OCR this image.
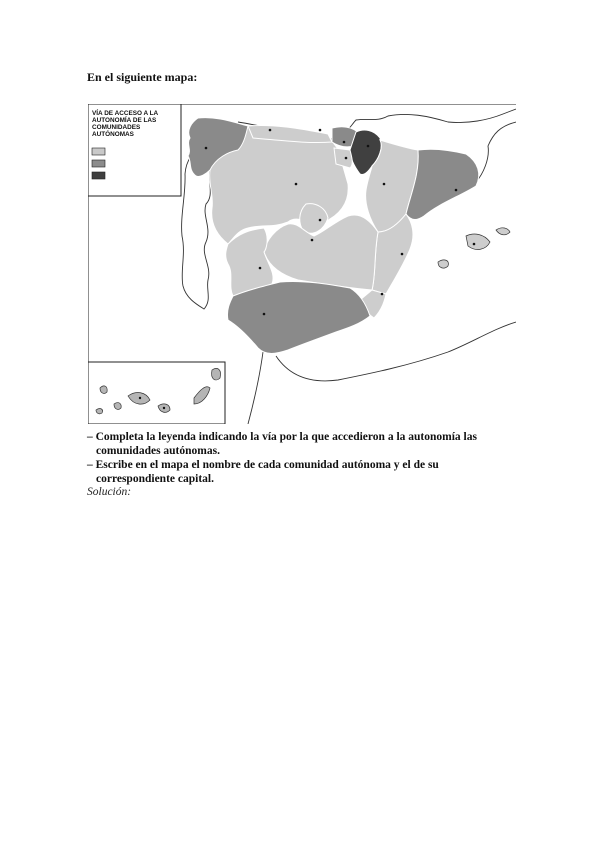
En el siguiente mapa:
VÍA DE ACCESO A LA
AUTONOMÍA DE LAS
COMUNIDADES
AUTÓNOMAS
– Completa la leyenda indicando la vía por la que accedieron a la autonomía las comunidades autónomas.
– Escribe en el mapa el nombre de cada comunidad autónoma y el de su correspondiente capital.
Solución:
